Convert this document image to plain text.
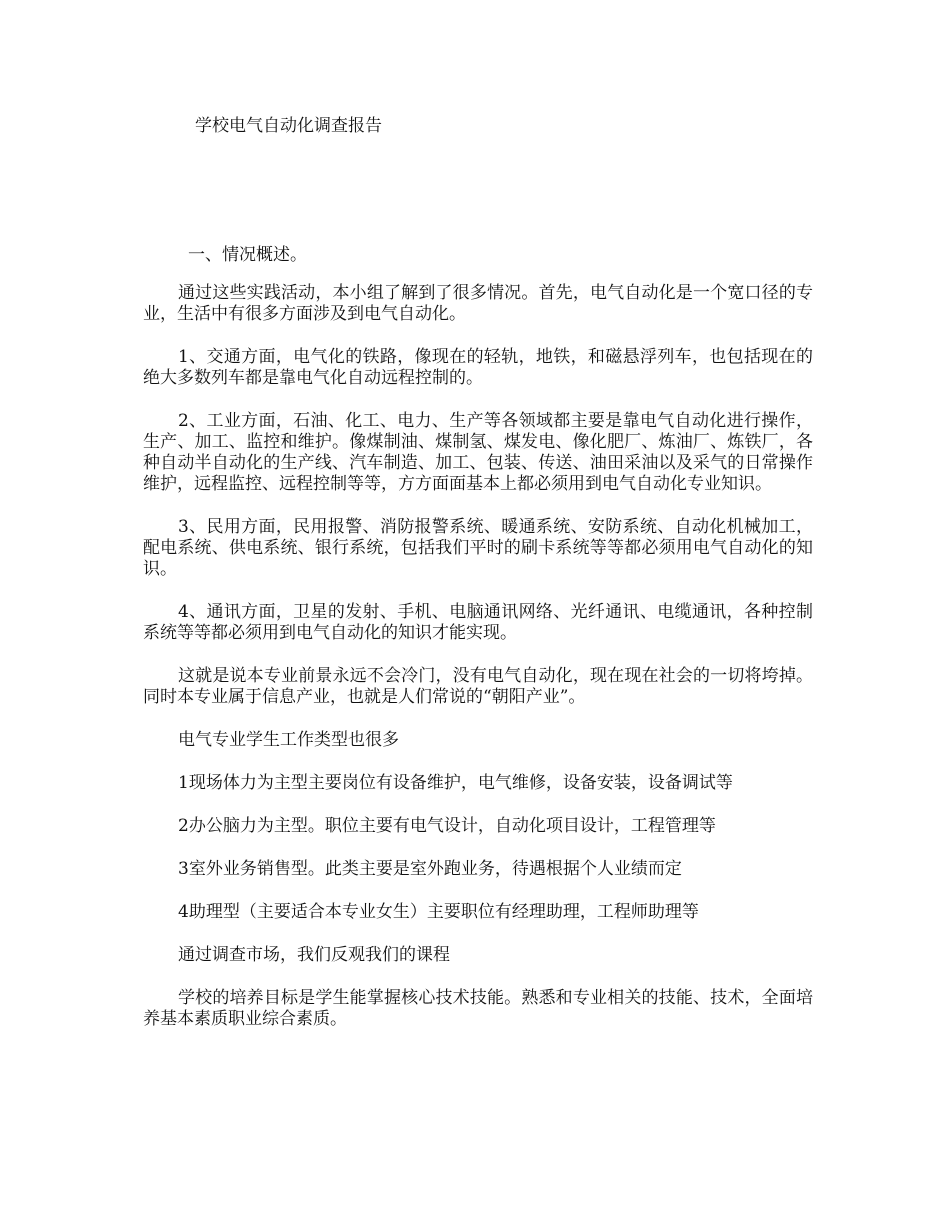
学校电气自动化调查报告
一、情况概述。

通过这些实践活动，本小组了解到了很多情况。首先，电气自动化是一个宽口径的专业，生活中有很多方面涉及到电气自动化。

1、交通方面，电气化的铁路，像现在的轻轨，地铁，和磁悬浮列车，也包括现在的绝大多数列车都是靠电气化自动远程控制的。

2、工业方面，石油、化工、电力、生产等各领域都主要是靠电气自动化进行操作，生产、加工、监控和维护。像煤制油、煤制氢、煤发电、像化肥厂、炼油厂、炼铁厂，各种自动半自动化的生产线、汽车制造、加工、包装、传送、油田采油以及采气的日常操作维护，远程监控、远程控制等等，方方面面基本上都必须用到电气自动化专业知识。

3、民用方面，民用报警、消防报警系统、暖通系统、安防系统、自动化机械加工，配电系统、供电系统、银行系统，包括我们平时的刷卡系统等等都必须用电气自动化的知识。

4、通讯方面，卫星的发射、手机、电脑通讯网络、光纤通讯、电缆通讯，各种控制系统等等都必须用到电气自动化的知识才能实现。

这就是说本专业前景永远不会冷门，没有电气自动化，现在现在社会的一切将垮掉。同时本专业属于信息产业，也就是人们常说的“朝阳产业”。

电气专业学生工作类型也很多

1现场体力为主型主要岗位有设备维护，电气维修，设备安装，设备调试等

2办公脑力为主型。职位主要有电气设计，自动化项目设计，工程管理等

3室外业务销售型。此类主要是室外跑业务，待遇根据个人业绩而定

4助理型（主要适合本专业女生）主要职位有经理助理，工程师助理等

通过调查市场，我们反观我们的课程

学校的培养目标是学生能掌握核心技术技能。熟悉和专业相关的技能、技术，全面培养基本素质职业综合素质。
